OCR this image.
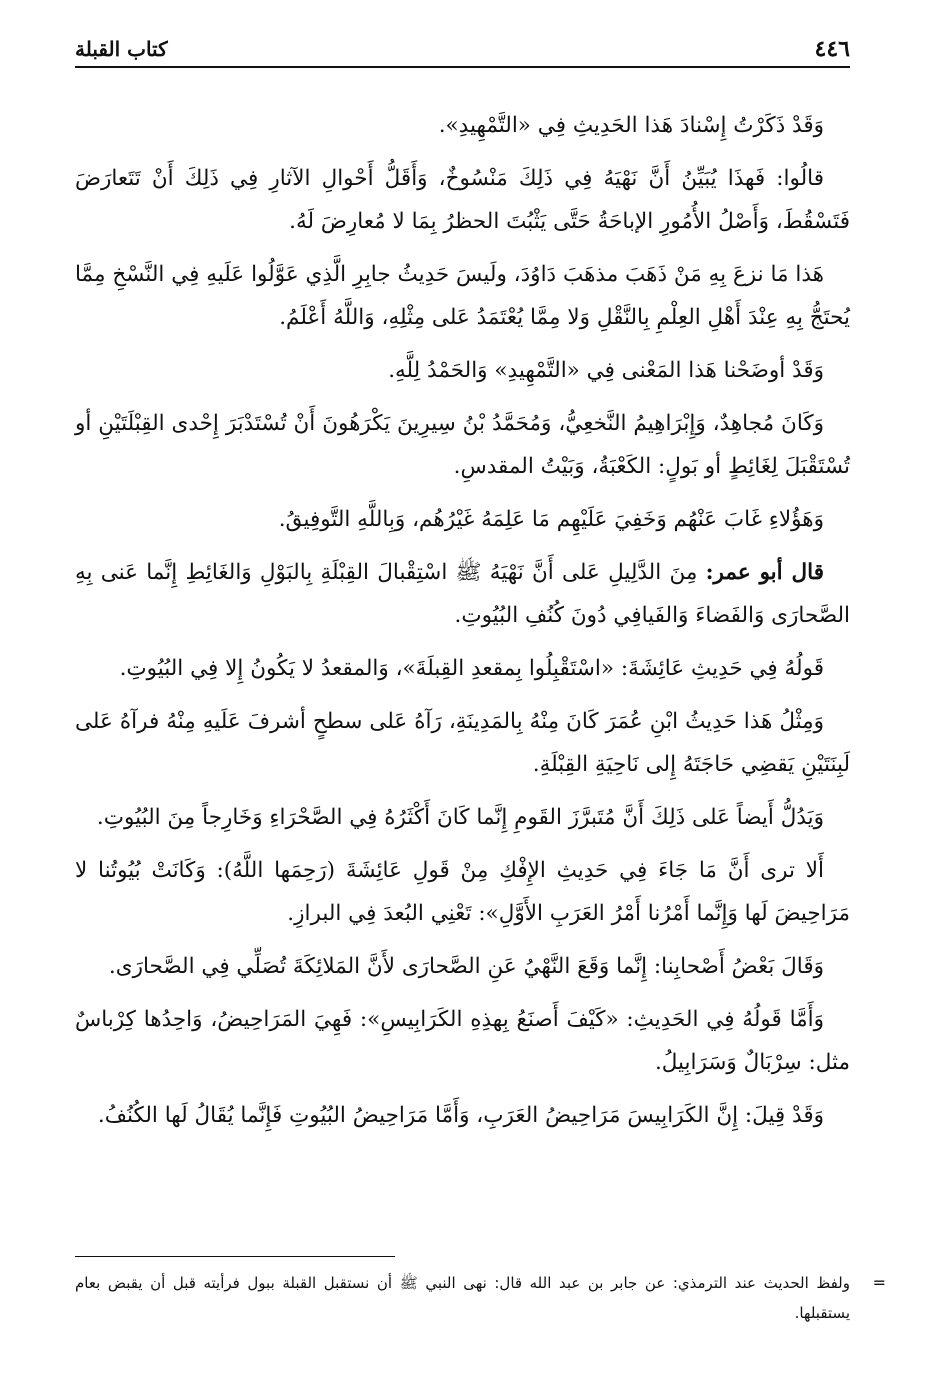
٤٤٦
كتاب القبلة

وَقَدْ ذَكَرْتُ إِسْنادَ هَذا الحَدِيثِ فِي «التَّمْهِيدِ».

قالُوا: فَهذَا يُبَيِّنُ أَنَّ نَهْيَهُ فِي ذَلِكَ مَنْسُوخٌ، وَأَقَلُّ أَحْوالِ الآثارِ فِي ذَلِكَ أَنْ تَتَعارَضَ فَتَسْقُطَ، وَأَصْلُ الأُمُورِ الإباحَةُ حَتَّى يَثْبُتَ الحظرُ بِمَا لا مُعارِضَ لَهُ.

هَذا مَا نزعَ بِهِ مَنْ ذَهَبَ مذهَبَ دَاوُدَ، ولَيسَ حَدِيثُ جابِرِ الَّذِي عَوَّلُوا عَلَيهِ فِي النَّسْخِ مِمَّا يُحتَجُّ بِهِ عِنْدَ أَهْلِ العِلْمِ بِالنَّقْلِ وَلا مِمَّا يُعْتَمَدُ عَلى مِثْلِهِ، وَاللَّهُ أَعْلَمُ.

وَقَدْ أوضَحْنا هَذا المَعْنى فِي «التَّمْهِيدِ» وَالحَمْدُ لِلَّهِ.

وَكَانَ مُجاهِدٌ، وَإِبْرَاهِيمُ النَّخعِيُّ، وَمُحَمَّدُ بْنُ سِيرِينَ يَكْرَهُونَ أَنْ تُسْتَدْبَرَ إِحْدى القِبْلَتَيْنِ أو تُسْتَقْبَلَ لِغَائِطٍ أو بَولٍ: الكَعْبَةُ، وَبَيْتُ المقدسِ.

وَهَؤُلاءِ غَابَ عَنْهُم وَخَفِيَ عَلَيْهِم مَا عَلِمَهُ غَيْرُهُم، وَبِاللَّهِ التَّوفِيقُ.

قال أبو عمر: مِنَ الدَّلِيلِ عَلى أَنَّ نَهْيَهُ ﷺ اسْتِقْبالَ القِبْلَةِ بِالبَوْلِ وَالغَائِطِ إِنَّما عَنى بِهِ الصَّحارَى وَالفَضاءَ وَالفَيافِي دُونَ كُنُفِ البُيُوتِ.

قَولُهُ فِي حَدِيثِ عَائِشَةَ: «اسْتَقْبِلُوا بِمقعدِ القِبلَةَ»، وَالمقعدُ لا يَكُونُ إِلا فِي البُيُوتِ.

وَمِثْلُ هَذا حَدِيثُ ابْنِ عُمَرَ كَانَ مِنْهُ بِالمَدِينَةِ، رَآهُ عَلى سطحٍ أشرفَ عَلَيهِ مِنْهُ فرآهُ عَلى لَبِنَتَيْنِ يَقضِي حَاجَتَهُ إِلى نَاحِيَةِ القِبْلَةِ.

وَيَدُلُّ أَيضاً عَلى ذَلِكَ أَنَّ مُتَبرَّزَ القَومِ إِنَّما كَانَ أَكْثَرُهُ فِي الصَّحْرَاءِ وَخَارِجاً مِنَ البُيُوتِ.

أَلا ترى أَنَّ مَا جَاءَ فِي حَدِيثِ الإِفْكِ مِنْ قَولِ عَائِشَةَ (رَحِمَها اللَّهُ): وَكَانَتْ بُيُوتُنا لا مَرَاحِيضَ لَها وَإِنَّما أَمْرُنا أَمْرُ العَرَبِ الأَوَّلِ»: تَعْنِي البُعدَ فِي البرازِ.

وَقَالَ بَعْضُ أَصْحابِنا: إِنَّما وَقَعَ النَّهْيُ عَنِ الصَّحارَى لأَنَّ المَلائِكَةَ تُصَلِّي فِي الصَّحارَى.

وَأَمَّا قَولُهُ فِي الحَدِيثِ: «كَيْفَ أَصنَعُ بِهذِهِ الكَرَابِيسِ»: فَهِيَ المَرَاحِيضُ، وَاحِدُها كِرْباسٌ مثل: سِرْبَالٌ وَسَرَابِيلُ.

وَقَدْ قِيلَ: إِنَّ الكَرَابِيسَ مَرَاحِيضُ العَرَبِ، وَأَمَّا مَرَاحِيضُ البُيُوتِ فَإِنَّما يُقَالُ لَها الكُنُفُ.

=
ولفظ الحديث عند الترمذي: عن جابر بن عبد الله قال: نهى النبي ﷺ أن نستقبل القبلة ببول فرأيته قبل أن يقبض بعام يستقبلها.
